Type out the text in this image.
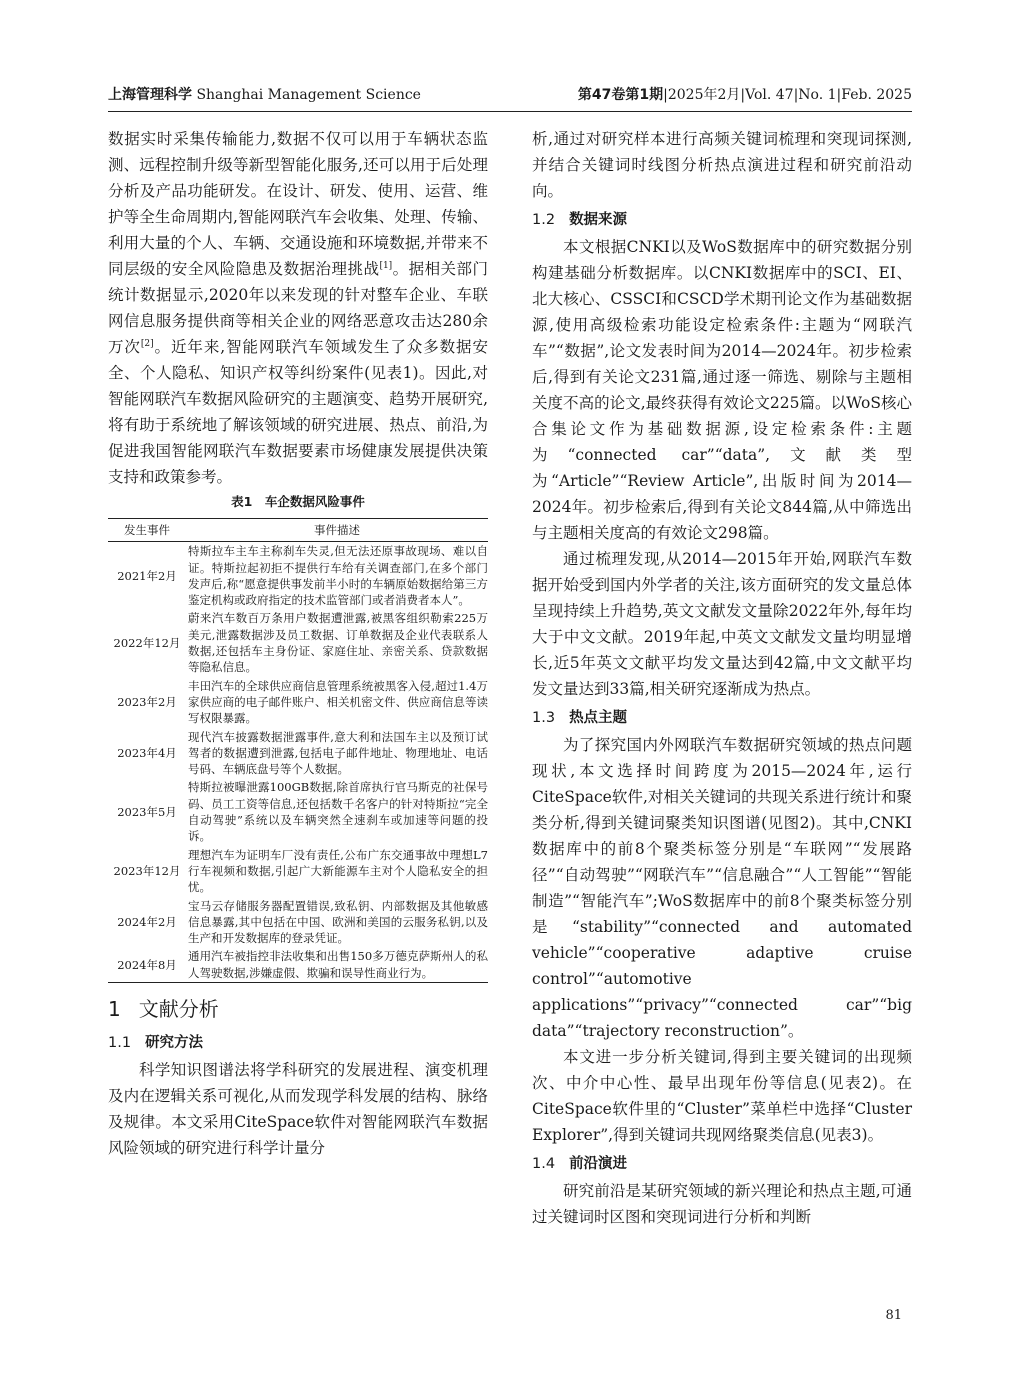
上海管理科学 Shanghai Management Science	第47卷第1期|2025年2月|Vol. 47|No. 1|Feb. 2025

数据实时采集传输能力,数据不仅可以用于车辆状态监测、远程控制升级等新型智能化服务,还可以用于后处理分析及产品功能研发。在设计、研发、使用、运营、维护等全生命周期内,智能网联汽车会收集、处理、传输、利用大量的个人、车辆、交通设施和环境数据,并带来不同层级的安全风险隐患及数据治理挑战[1]。据相关部门统计数据显示,2020年以来发现的针对整车企业、车联网信息服务提供商等相关企业的网络恶意攻击达280余万次[2]。近年来,智能网联汽车领域发生了众多数据安全、个人隐私、知识产权等纠纷案件(见表1)。因此,对智能网联汽车数据风险研究的主题演变、趋势开展研究,将有助于系统地了解该领域的研究进展、热点、前沿,为促进我国智能网联汽车数据要素市场健康发展提供决策支持和政策参考。

表1　车企数据风险事件
发生事件	事件描述
2021年2月	特斯拉车主车主称刹车失灵,但无法还原事故现场、难以自证。特斯拉起初拒不提供行车给有关调查部门,在多个部门发声后,称“愿意提供事发前半小时的车辆原始数据给第三方鉴定机构或政府指定的技术监管部门或者消费者本人”。
2022年12月	蔚来汽车数百万条用户数据遭泄露,被黑客组织勒索225万美元,泄露数据涉及员工数据、订单数据及企业代表联系人数据,还包括车主身份证、家庭住址、亲密关系、贷款数据等隐私信息。
2023年2月	丰田汽车的全球供应商信息管理系统被黑客入侵,超过1.4万家供应商的电子邮件账户、相关机密文件、供应商信息等读写权限暴露。
2023年4月	现代汽车披露数据泄露事件,意大利和法国车主以及预订试驾者的数据遭到泄露,包括电子邮件地址、物理地址、电话号码、车辆底盘号等个人数据。
2023年5月	特斯拉被曝泄露100GB数据,除首席执行官马斯克的社保号码、员工工资等信息,还包括数千名客户的针对特斯拉“完全自动驾驶”系统以及车辆突然全速刹车或加速等问题的投诉。
2023年12月	理想汽车为证明车厂没有责任,公布广东交通事故中理想L7行车视频和数据,引起广大新能源车主对个人隐私安全的担忧。
2024年2月	宝马云存储服务器配置错误,致私钥、内部数据及其他敏感信息暴露,其中包括在中国、欧洲和美国的云服务私钥,以及生产和开发数据库的登录凭证。
2024年8月	通用汽车被指控非法收集和出售150多万德克萨斯州人的私人驾驶数据,涉嫌虚假、欺骗和误导性商业行为。
1 文献分析
1.1 研究方法

科学知识图谱法将学科研究的发展进程、演变机理及内在逻辑关系可视化,从而发现学科发展的结构、脉络及规律。本文采用CiteSpace软件对智能网联汽车数据风险领域的研究进行科学计量分

析,通过对研究样本进行高频关键词梳理和突现词探测,并结合关键词时线图分析热点演进过程和研究前沿动向。

1.2 数据来源

本文根据CNKI以及WoS数据库中的研究数据分别构建基础分析数据库。以CNKI数据库中的SCI、EI、北大核心、CSSCI和CSCD学术期刊论文作为基础数据源,使用高级检索功能设定检索条件:主题为“网联汽车”“数据”,论文发表时间为2014—2024年。初步检索后,得到有关论文231篇,通过逐一筛选、剔除与主题相关度不高的论文,最终获得有效论文225篇。以WoS核心合集论文作为基础数据源,设定检索条件:主题为“connected car”“data”,文献类型为“Article”“Review Article”,出版时间为2014—2024年。初步检索后,得到有关论文844篇,从中筛选出与主题相关度高的有效论文298篇。

通过梳理发现,从2014—2015年开始,网联汽车数据开始受到国内外学者的关注,该方面研究的发文量总体呈现持续上升趋势,英文文献发文量除2022年外,每年均大于中文文献。2019年起,中英文文献发文量均明显增长,近5年英文文献平均发文量达到42篇,中文文献平均发文量达到33篇,相关研究逐渐成为热点。

1.3 热点主题

为了探究国内外网联汽车数据研究领域的热点问题现状,本文选择时间跨度为2015—2024年,运行CiteSpace软件,对相关关键词的共现关系进行统计和聚类分析,得到关键词聚类知识图谱(见图2)。其中,CNKI数据库中的前8个聚类标签分别是“车联网”“发展路径”“自动驾驶”“网联汽车”“信息融合”“人工智能”“智能制造”“智能汽车”;WoS数据库中的前8个聚类标签分别是“stability”“connected and automated vehicle”“cooperative adaptive cruise control”“automotive applications”“privacy”“connected car”“big data”“trajectory reconstruction”。

本文进一步分析关键词,得到主要关键词的出现频次、中介中心性、最早出现年份等信息(见表2)。在CiteSpace软件里的“Cluster”菜单栏中选择“Cluster Explorer”,得到关键词共现网络聚类信息(见表3)。

1.4 前沿演进

研究前沿是某研究领域的新兴理论和热点主题,可通过关键词时区图和突现词进行分析和判断

81
